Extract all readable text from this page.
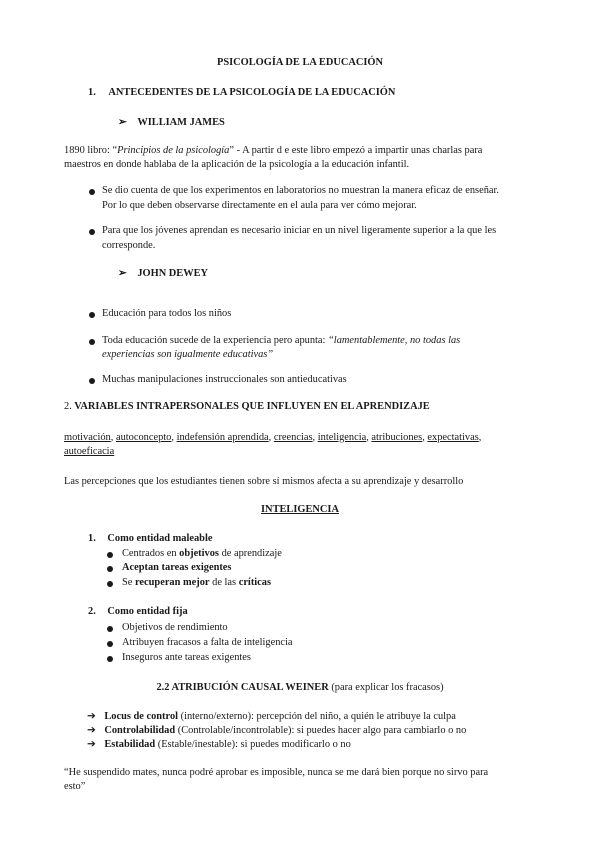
PSICOLOGÍA DE LA EDUCACIÓN
1. ANTECEDENTES DE LA PSICOLOGÍA DE LA EDUCACIÓN
➢ WILLIAM JAMES
1890 libro: “Principios de la psicología” - A partir d e este libro empezó a impartir unas charlas para
maestros en donde hablaba de la aplicación de la psicología a la educación infantil.
Se dio cuenta de que los experimentos en laboratorios no muestran la manera eficaz de enseñar.
Por lo que deben observarse directamente en el aula para ver cómo mejorar.
Para que los jóvenes aprendan es necesario iniciar en un nivel ligeramente superior a la que les
corresponde.
➢ JOHN DEWEY
Educación para todos los niños
Toda educación sucede de la experiencia pero apunta: “lamentablemente, no todas las
experiencias son igualmente educativas”
Muchas manipulaciones instruccionales son antieducativas
2. VARIABLES INTRAPERSONALES QUE INFLUYEN EN EL APRENDIZAJE
motivación, autoconcepto, indefensión aprendida, creencias, inteligencia, atribuciones, expectativas,
autoeficacia
Las percepciones que los estudiantes tienen sobre sí mismos afecta a su aprendizaje y desarrollo
INTELIGENCIA
1. Como entidad maleable
Centrados en objetivos de aprendizaje
Aceptan tareas exigentes
Se recuperan mejor de las críticas
2. Como entidad fija
Objetivos de rendimiento
Atribuyen fracasos a falta de inteligencia
Inseguros ante tareas exigentes
2.2 ATRIBUCIÓN CAUSAL WEINER (para explicar los fracasos)
➔ Locus de control (interno/externo): percepción del niño, a quién le atribuye la culpa
➔ Controlabilidad (Controlable/incontrolable): si puedes hacer algo para cambiarlo o no
➔ Estabilidad (Estable/inestable): si puedes modificarlo o no
“He suspendido mates, nunca podré aprobar es imposible, nunca se me dará bien porque no sirvo para
esto”
